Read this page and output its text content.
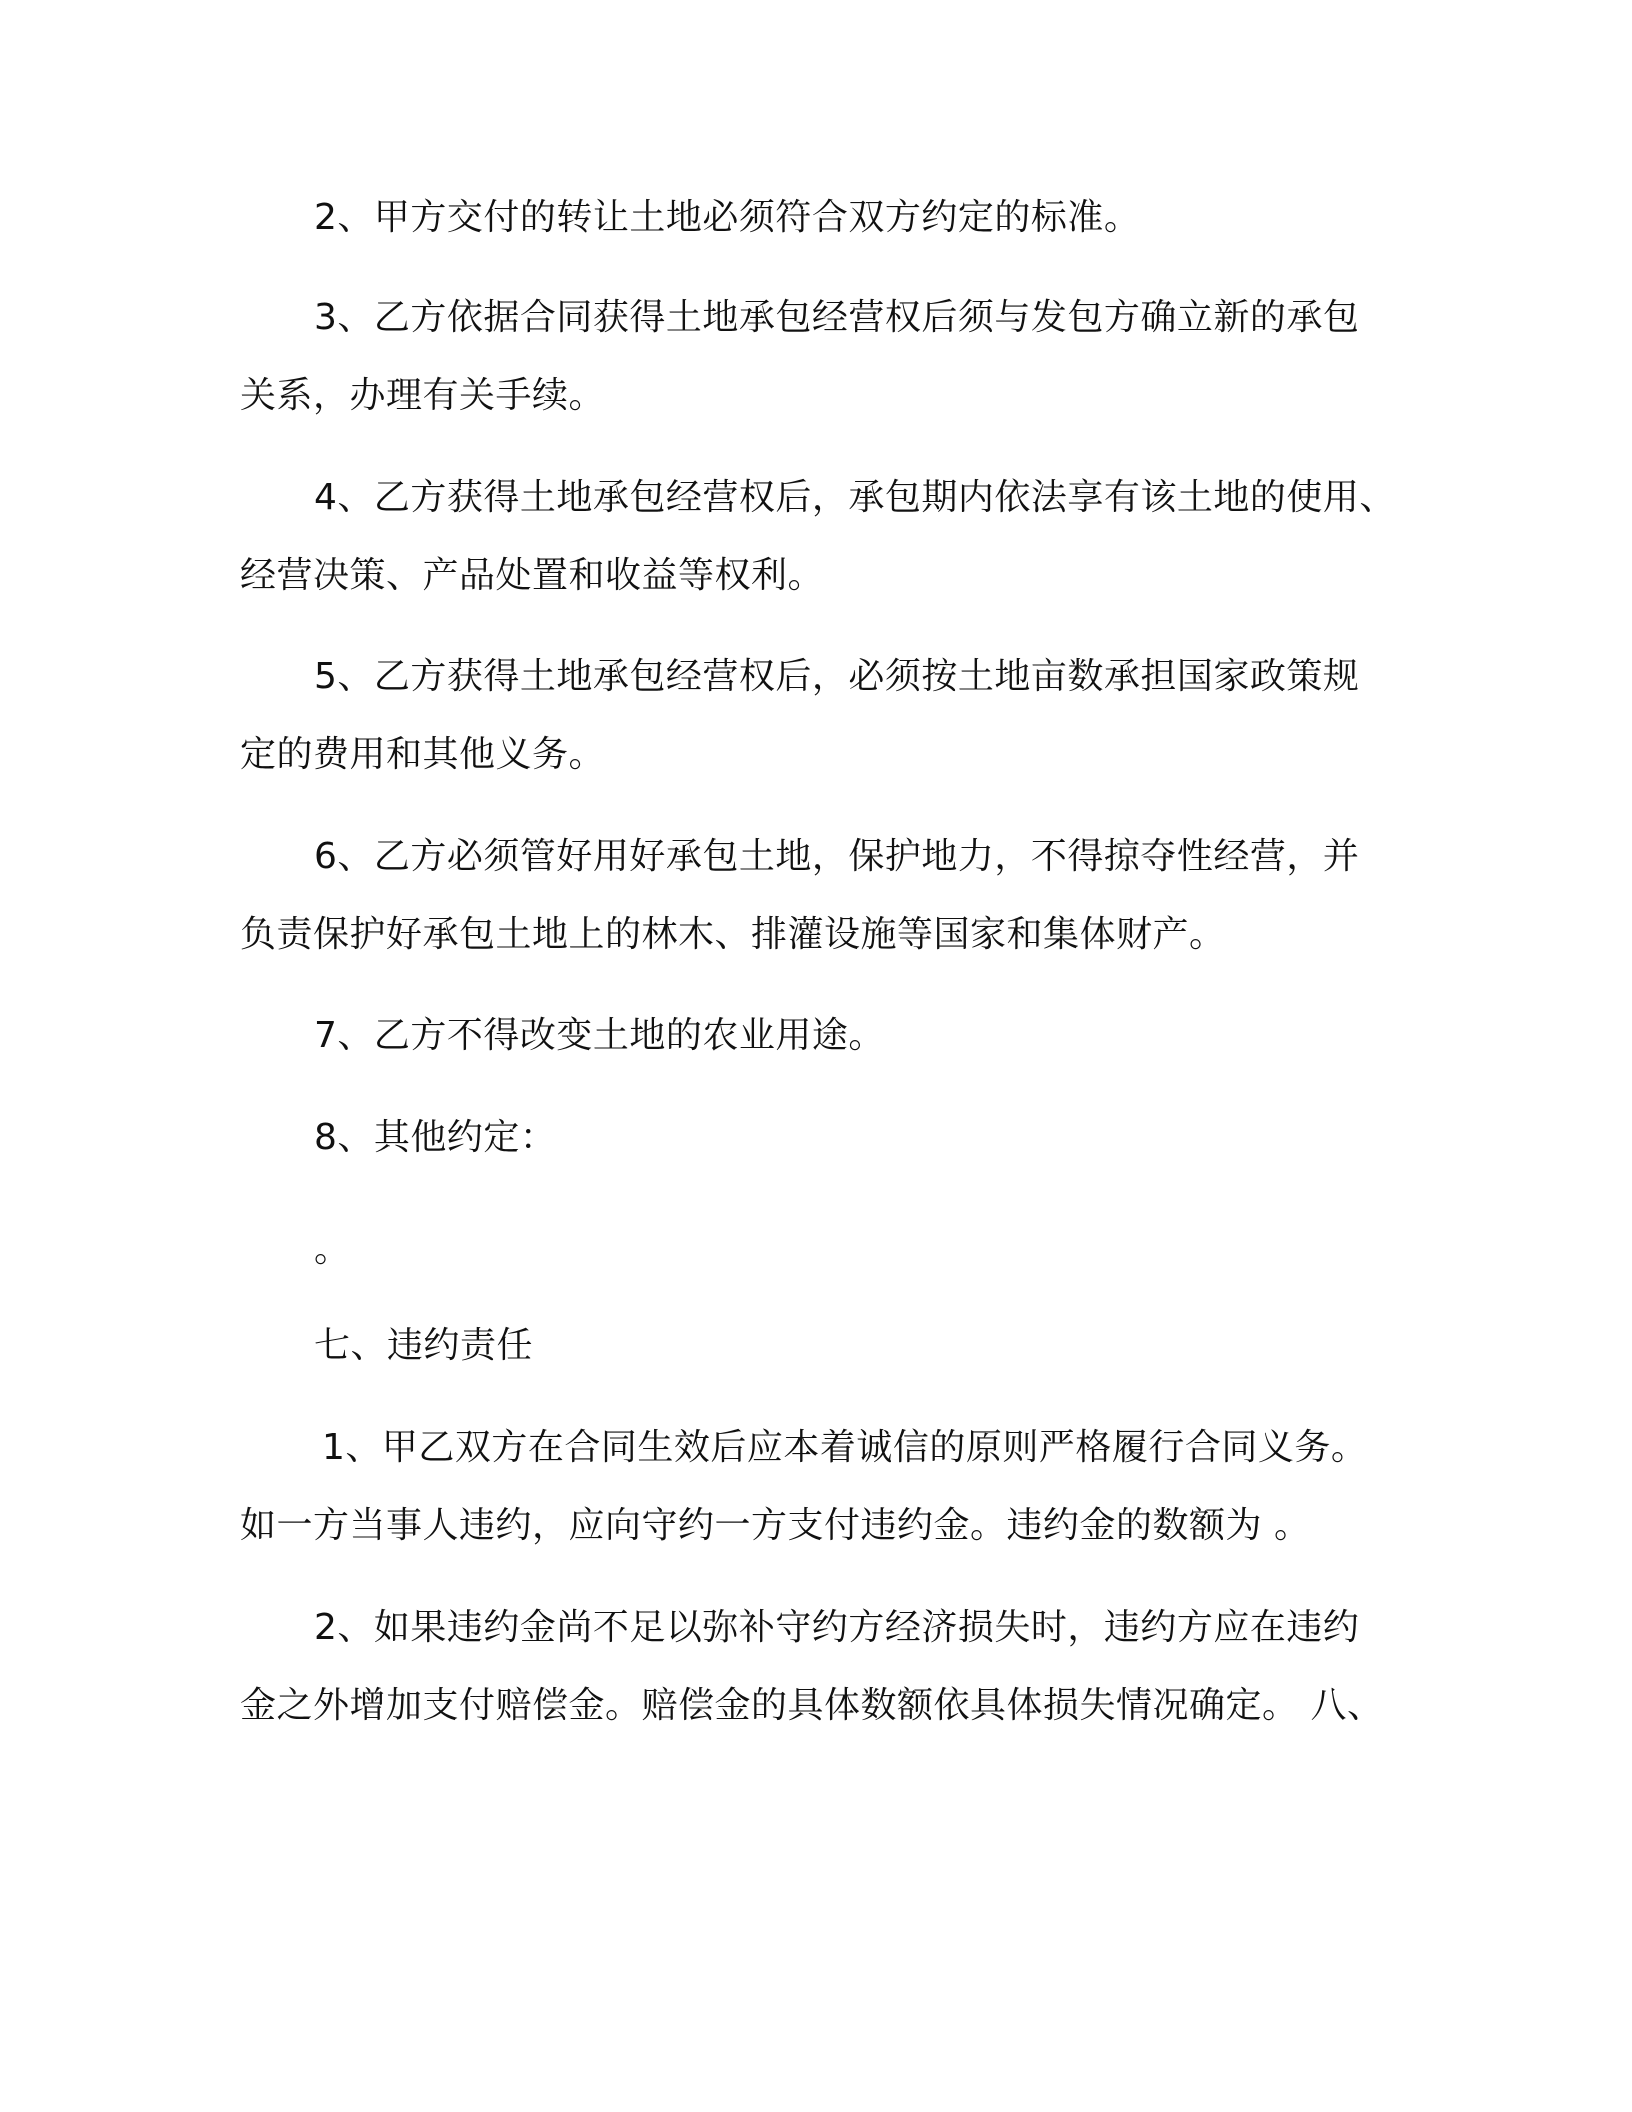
2、甲方交付的转让土地必须符合双方约定的标准。
3、乙方依据合同获得土地承包经营权后须与发包方确立新的承包
关系，办理有关手续。
4、乙方获得土地承包经营权后，承包期内依法享有该土地的使用、
经营决策、产品处置和收益等权利。
5、乙方获得土地承包经营权后，必须按土地亩数承担国家政策规
定的费用和其他义务。
6、乙方必须管好用好承包土地，保护地力，不得掠夺性经营，并
负责保护好承包土地上的林木、排灌设施等国家和集体财产。
7、乙方不得改变土地的农业用途。
8、其他约定：
。
七、违约责任
1、甲乙双方在合同生效后应本着诚信的原则严格履行合同义务。
如一方当事人违约，应向守约一方支付违约金。违约金的数额为 。
2、如果违约金尚不足以弥补守约方经济损失时，违约方应在违约
金之外增加支付赔偿金。赔偿金的具体数额依具体损失情况确定。 八、
